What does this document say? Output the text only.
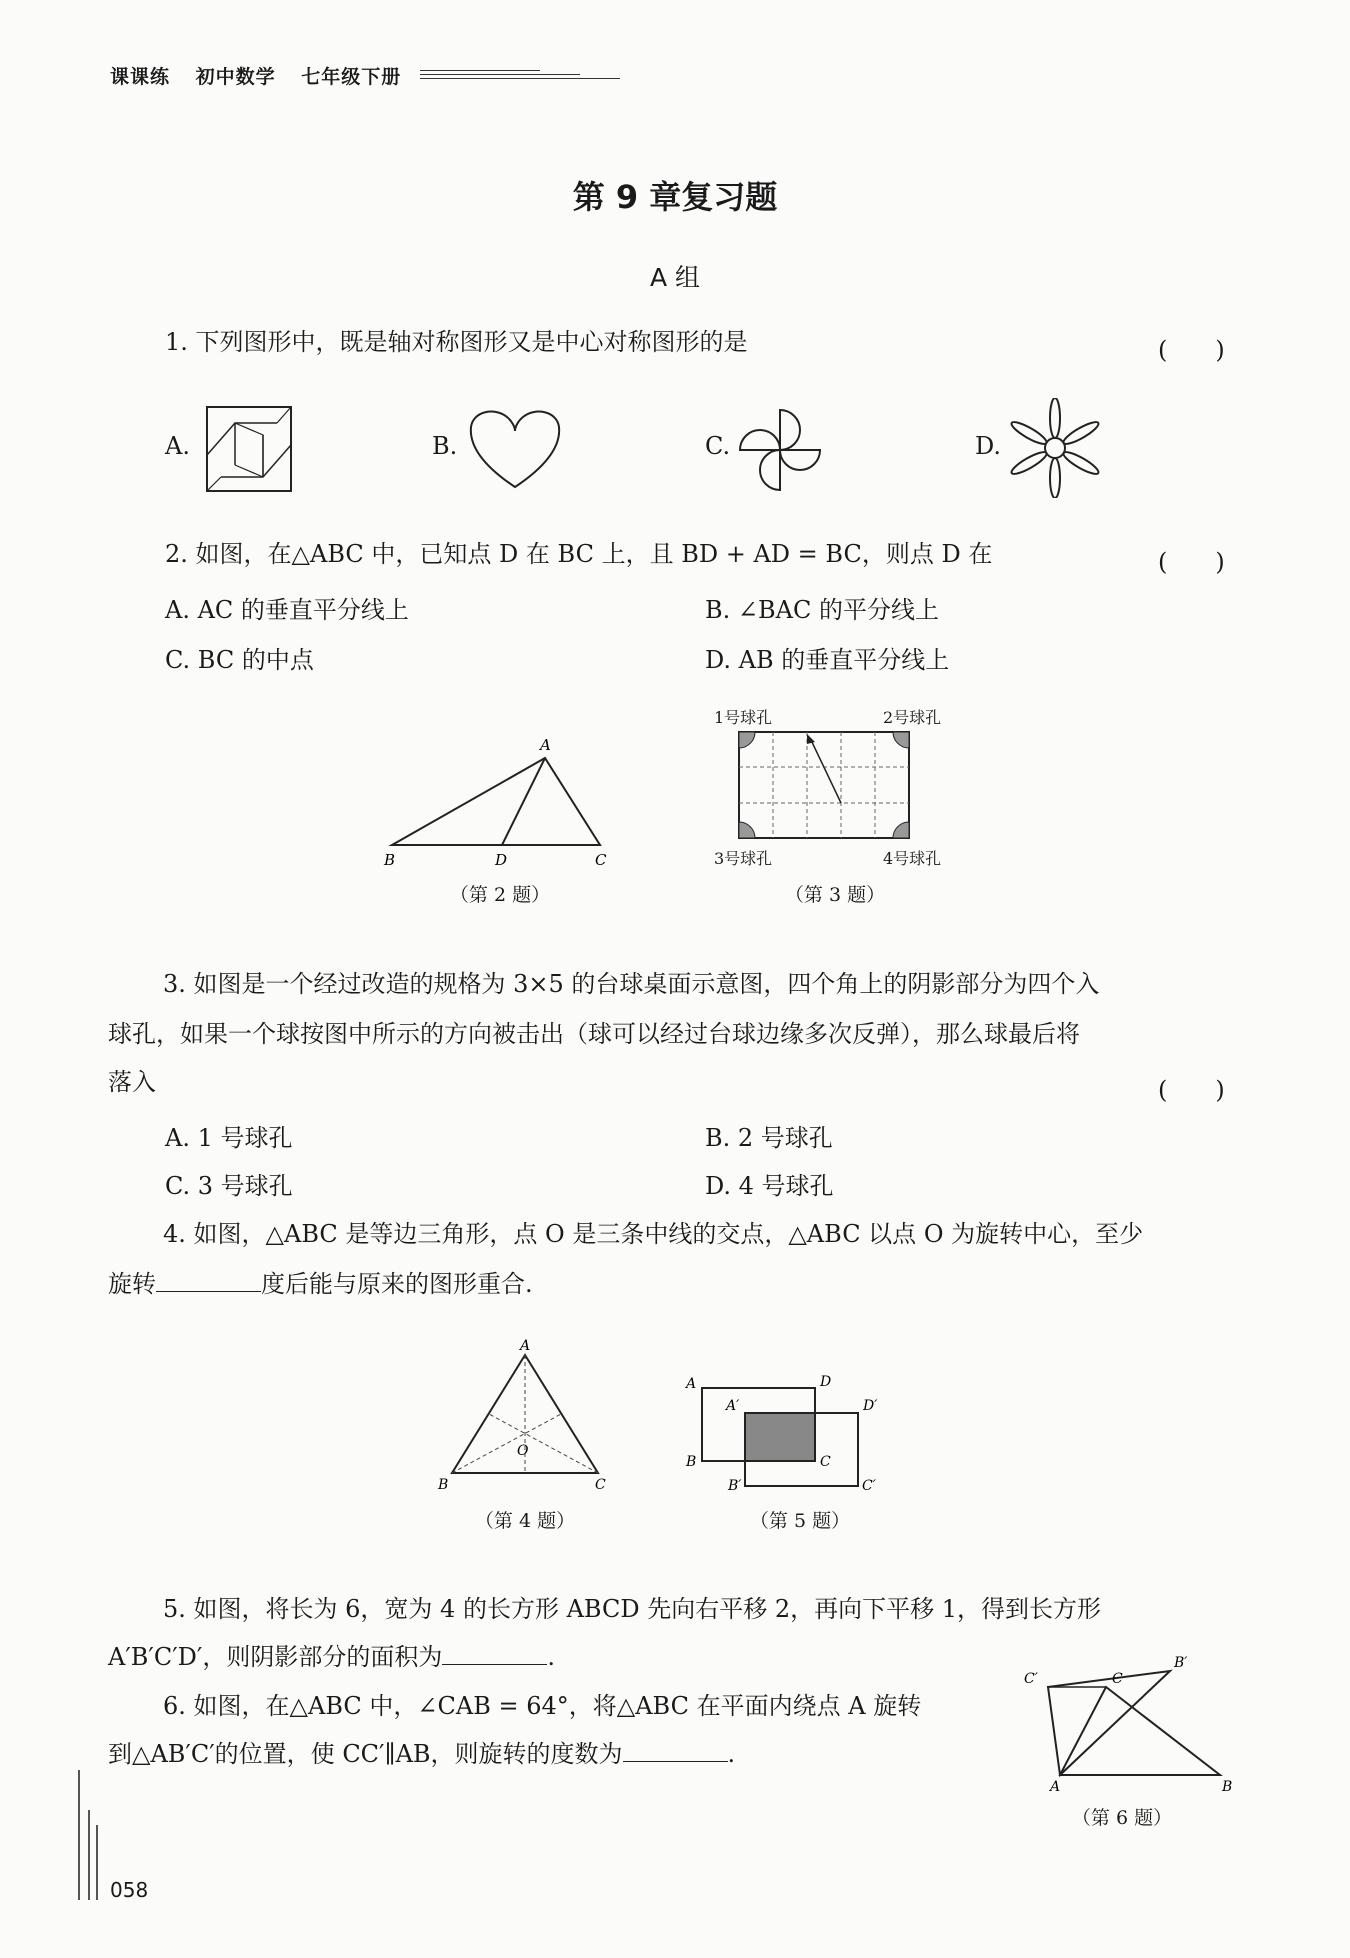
课课练 初中数学 七年级下册
第 9 章复习题
A 组
1. 下列图形中，既是轴对称图形又是中心对称图形的是	(　　)
A.	B.	C.	D.
2. 如图，在△ABC 中，已知点 D 在 BC 上，且 BD + AD = BC，则点 D 在	(　　)
A. AC 的垂直平分线上	B. ∠BAC 的平分线上
C. BC 的中点	D. AB 的垂直平分线上
A
B	D	C
（第 2 题）
1号球孔	2号球孔
3号球孔	4号球孔
（第 3 题）
3. 如图是一个经过改造的规格为 3×5 的台球桌面示意图，四个角上的阴影部分为四个入
球孔，如果一个球按图中所示的方向被击出（球可以经过台球边缘多次反弹），那么球最后将
落入	(　　)
A. 1 号球孔	B. 2 号球孔
C. 3 号球孔	D. 4 号球孔
4. 如图，△ABC 是等边三角形，点 O 是三条中线的交点，△ABC 以点 O 为旋转中心，至少
旋转	度后能与原来的图形重合.
A
B
O
C
（第 4 题）
A	D
A′	D′
B	C
B′	C′
（第 5 题）
5. 如图，将长为 6，宽为 4 的长方形 ABCD 先向右平移 2，再向下平移 1，得到长方形
A′B′C′D′，则阴影部分的面积为	.
6. 如图，在△ABC 中，∠CAB = 64°，将△ABC 在平面内绕点 A 旋转
到△AB′C′的位置，使 CC′∥AB，则旋转的度数为	.
A	B
C
C′
B′
（第 6 题）
058
